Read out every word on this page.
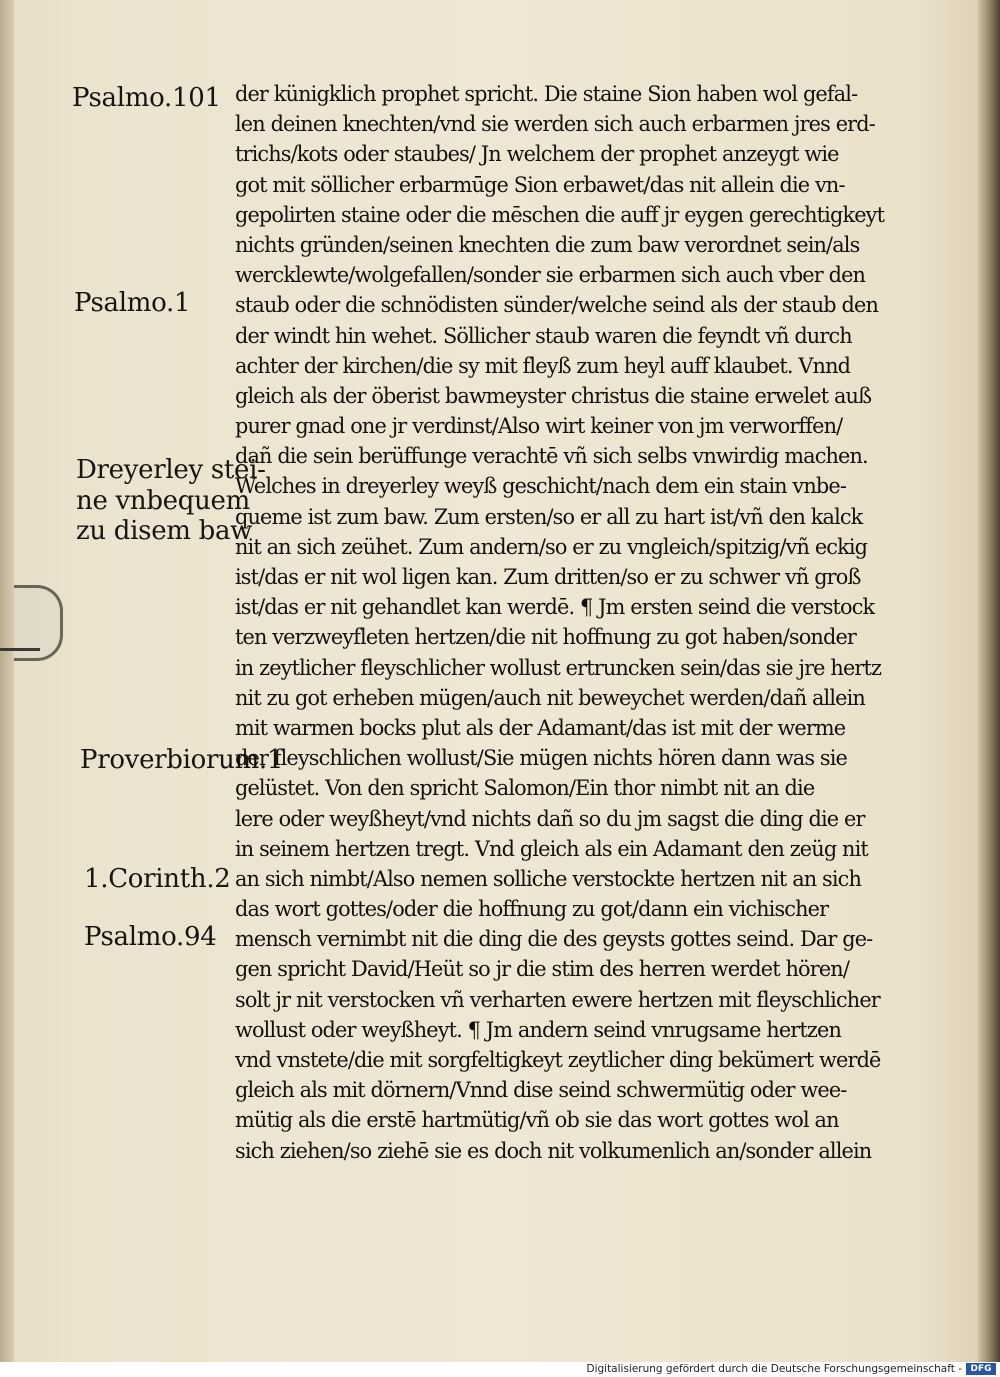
Psalmo.101
Psalmo.1
Dreyerley stei-
ne vnbequem
zu disem baw
Proverbiorum.1
1.Corinth.2
Psalmo.94
der künigklich prophet spricht. Die staine Sion haben wol gefal-
len deinen knechten/vnd sie werden sich auch erbarmen jres erd-
trichs/kots oder staubes/ Jn welchem der prophet anzeygt wie
got mit söllicher erbarmūge Sion erbawet/das nit allein die vn-
gepolirten staine oder die mēschen die auff jr eygen gerechtigkeyt
nichts gründen/seinen knechten die zum baw verordnet sein/als
wercklewte/wolgefallen/sonder sie erbarmen sich auch vber den
staub oder die schnödisten sünder/welche seind als der staub den
der windt hin wehet. Söllicher staub waren die feyndt vñ durch
achter der kirchen/die sy mit fleyß zum heyl auff klaubet. Vnnd
gleich als der öberist bawmeyster christus die staine erwelet auß
purer gnad one jr verdinst/Also wirt keiner von jm verworffen/
dañ die sein berüffunge verachtē vñ sich selbs vnwirdig machen.
Welches in dreyerley weyß geschicht/nach dem ein stain vnbe-
queme ist zum baw. Zum ersten/so er all zu hart ist/vñ den kalck
nit an sich zeühet. Zum andern/so er zu vngleich/spitzig/vñ eckig
ist/das er nit wol ligen kan. Zum dritten/so er zu schwer vñ groß
ist/das er nit gehandlet kan werdē. ¶ Jm ersten seind die verstock
ten verzweyfleten hertzen/die nit hoffnung zu got haben/sonder
in zeytlicher fleyschlicher wollust ertruncken sein/das sie jre hertz
nit zu got erheben mügen/auch nit beweychet werden/dañ allein
mit warmen bocks plut als der Adamant/das ist mit der werme
der fleyschlichen wollust/Sie mügen nichts hören dann was sie
gelüstet. Von den spricht Salomon/Ein thor nimbt nit an die
lere oder weyßheyt/vnd nichts dañ so du jm sagst die ding die er
in seinem hertzen tregt. Vnd gleich als ein Adamant den zeüg nit
an sich nimbt/Also nemen solliche verstockte hertzen nit an sich
das wort gottes/oder die hoffnung zu got/dann ein vichischer
mensch vernimbt nit die ding die des geysts gottes seind. Dar ge-
gen spricht David/Heüt so jr die stim des herren werdet hören/
solt jr nit verstocken vñ verharten ewere hertzen mit fleyschlicher
wollust oder weyßheyt. ¶ Jm andern seind vnrugsame hertzen
vnd vnstete/die mit sorgfeltigkeyt zeytlicher ding bekümert werdē
gleich als mit dörnern/Vnnd dise seind schwermütig oder wee-
mütig als die erstē hartmütig/vñ ob sie das wort gottes wol an
sich ziehen/so ziehē sie es doch nit volkumenlich an/sonder allein
Digitalisierung gefördert durch die Deutsche Forschungsgemeinschaft - DFG
